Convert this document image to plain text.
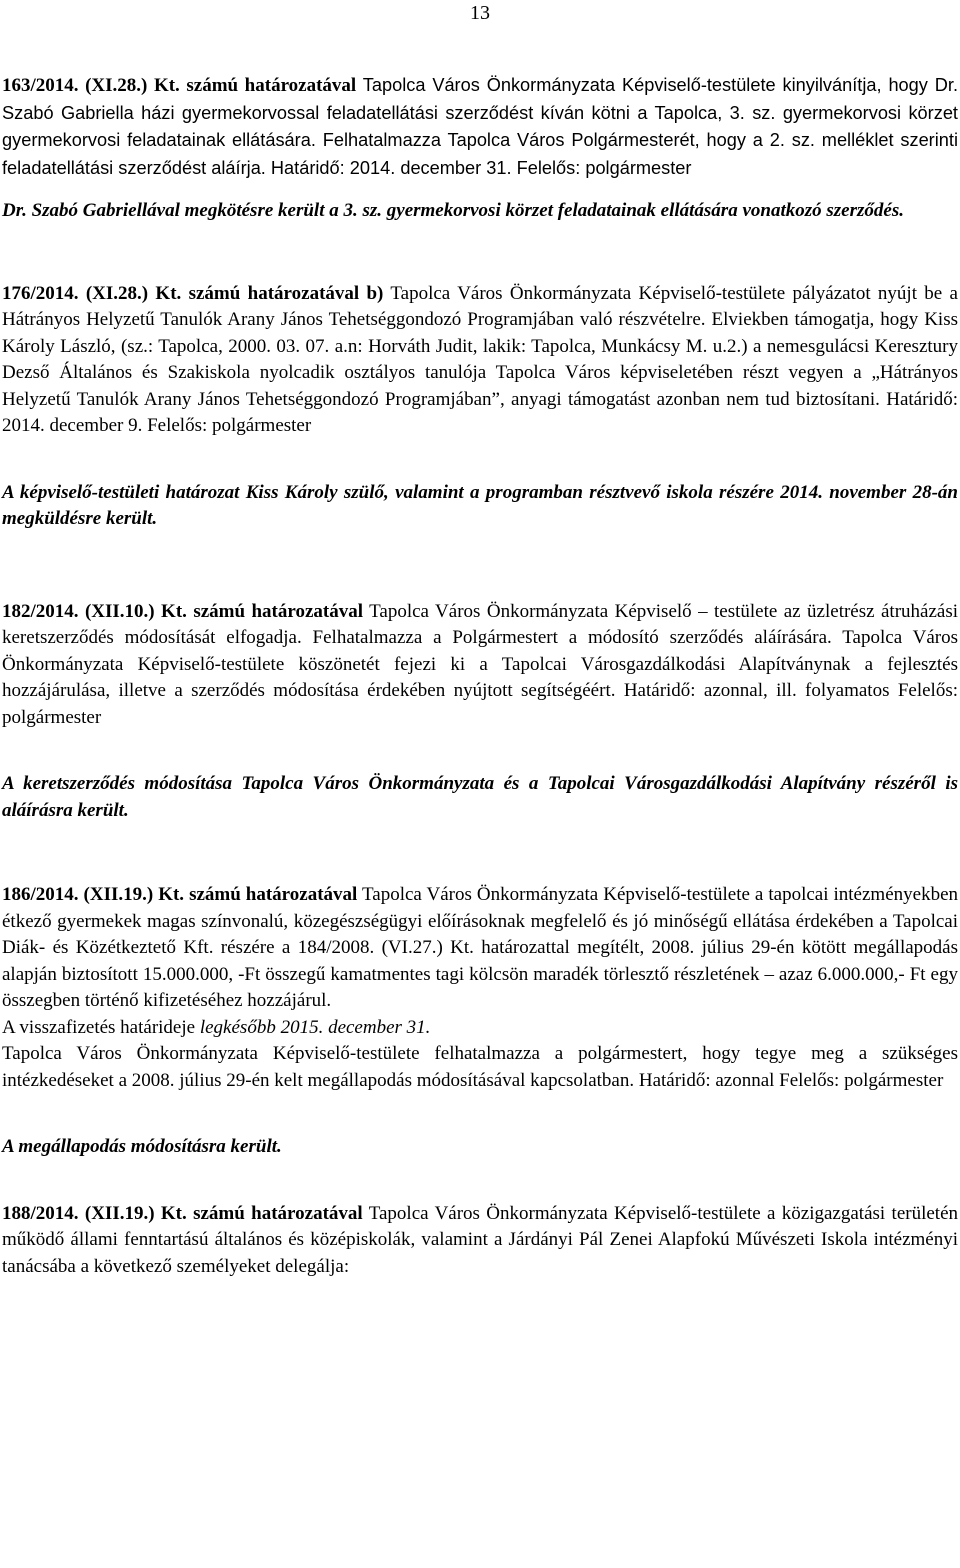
13

163/2014. (XI.28.) Kt. számú határozatával Tapolca Város Önkormányzata Képviselő-testülete kinyilvánítja, hogy Dr. Szabó Gabriella házi gyermekorvossal feladatellátási szerződést kíván kötni a Tapolca, 3. sz. gyermekorvosi körzet gyermekorvosi feladatainak ellátására. Felhatalmazza Tapolca Város Polgármesterét, hogy a 2. sz. melléklet szerinti feladatellátási szerződést aláírja. Határidő: 2014. december 31. Felelős: polgármester

Dr. Szabó Gabriellával megkötésre került a 3. sz. gyermekorvosi körzet feladatainak ellátására vonatkozó szerződés.

176/2014. (XI.28.) Kt. számú határozatával b) Tapolca Város Önkormányzata Képviselő-testülete pályázatot nyújt be a Hátrányos Helyzetű Tanulók Arany János Tehetséggondozó Programjában való részvételre. Elviekben támogatja, hogy Kiss Károly László, (sz.: Tapolca, 2000. 03. 07. a.n: Horváth Judit, lakik: Tapolca, Munkácsy M. u.2.) a nemesgulácsi Keresztury Dezső Általános és Szakiskola nyolcadik osztályos tanulója Tapolca Város képviseletében részt vegyen a „Hátrányos Helyzetű Tanulók Arany János Tehetséggondozó Programjában”, anyagi támogatást azonban nem tud biztosítani. Határidő: 2014. december 9. Felelős: polgármester

A képviselő-testületi határozat Kiss Károly szülő, valamint a programban résztvevő iskola részére 2014. november 28-án megküldésre került.

182/2014. (XII.10.) Kt. számú határozatával Tapolca Város Önkormányzata Képviselő – testülete az üzletrész átruházási keretszerződés módosítását elfogadja. Felhatalmazza a Polgármestert a módosító szerződés aláírására. Tapolca Város Önkormányzata Képviselő-testülete köszönetét fejezi ki a Tapolcai Városgazdálkodási Alapítványnak a fejlesztés hozzájárulása, illetve a szerződés módosítása érdekében nyújtott segítségéért. Határidő: azonnal, ill. folyamatos Felelős: polgármester

A keretszerződés módosítása Tapolca Város Önkormányzata és a Tapolcai Városgazdálkodási Alapítvány részéről is aláírásra került.

186/2014. (XII.19.) Kt. számú határozatával Tapolca Város Önkormányzata Képviselő-testülete a tapolcai intézményekben étkező gyermekek magas színvonalú, közegészségügyi előírásoknak megfelelő és jó minőségű ellátása érdekében a Tapolcai Diák- és Közétkeztető Kft. részére a 184/2008. (VI.27.) Kt. határozattal megítélt, 2008. július 29-én kötött megállapodás alapján biztosított 15.000.000, -Ft összegű kamatmentes tagi kölcsön maradék törlesztő részletének – azaz 6.000.000,- Ft egy összegben történő kifizetéséhez hozzájárul.

A visszafizetés határideje legkésőbb 2015. december 31.

Tapolca Város Önkormányzata Képviselő-testülete felhatalmazza a polgármestert, hogy tegye meg a szükséges intézkedéseket a 2008. július 29-én kelt megállapodás módosításával kapcsolatban. Határidő: azonnal Felelős: polgármester

A megállapodás módosításra került.

188/2014. (XII.19.) Kt. számú határozatával Tapolca Város Önkormányzata Képviselő-testülete a közigazgatási területén működő állami fenntartású általános és középiskolák, valamint a Járdányi Pál Zenei Alapfokú Művészeti Iskola intézményi tanácsába a következő személyeket delegálja:
